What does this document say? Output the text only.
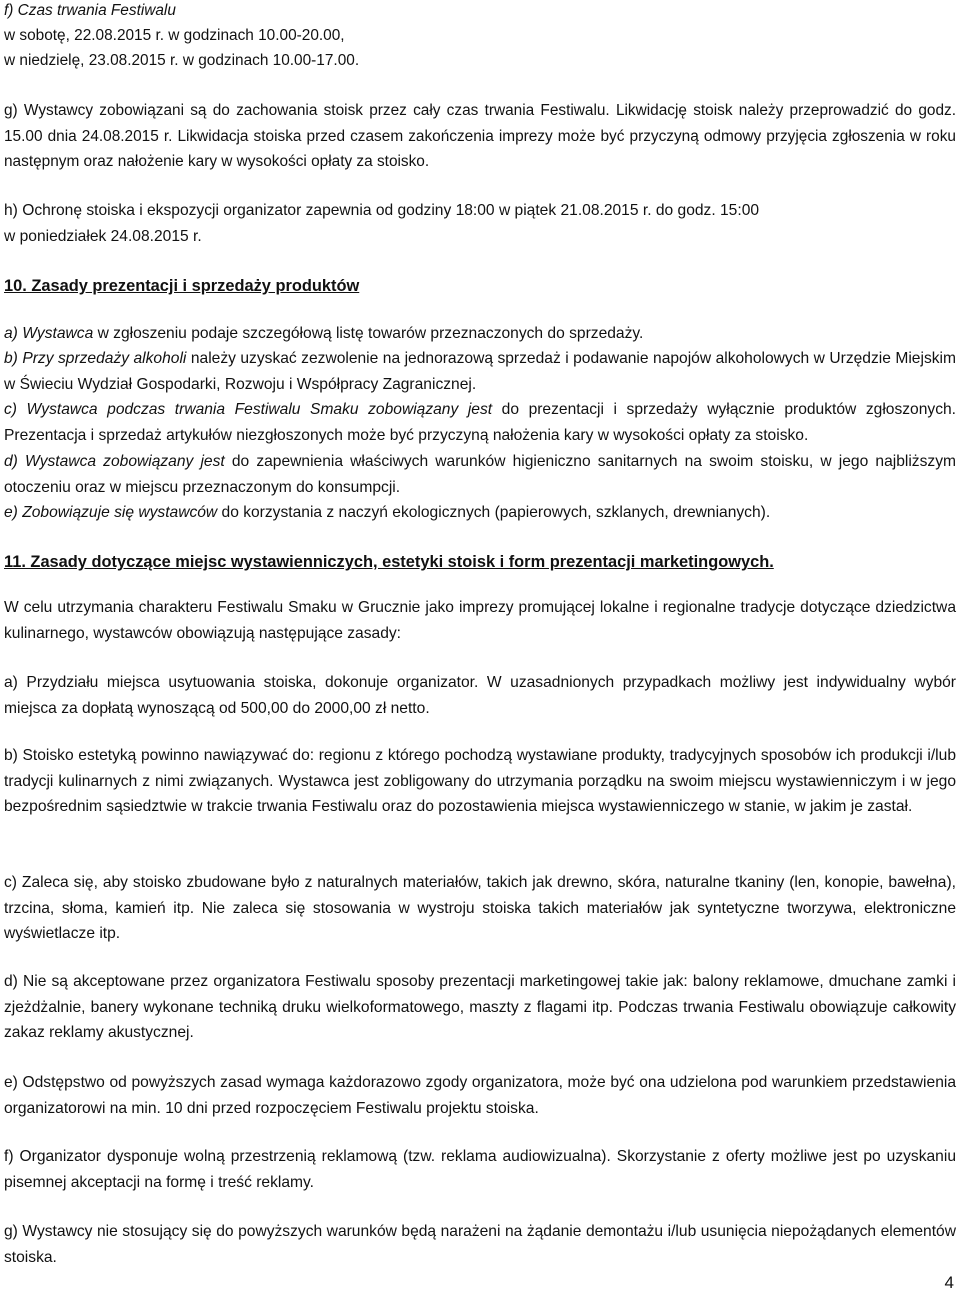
f) Czas trwania Festiwalu

w sobotę, 22.08.2015 r. w godzinach 10.00-20.00,

w niedzielę, 23.08.2015 r. w godzinach 10.00-17.00.

g) Wystawcy zobowiązani są do zachowania stoisk przez cały czas trwania Festiwalu. Likwidację stoisk należy przeprowadzić do godz. 15.00 dnia 24.08.2015 r. Likwidacja stoiska przed czasem zakończenia imprezy może być przyczyną odmowy przyjęcia zgłoszenia w roku następnym oraz nałożenie kary w wysokości opłaty za stoisko.

h) Ochronę stoiska i ekspozycji organizator zapewnia od godziny 18:00 w piątek 21.08.2015 r. do godz. 15:00

w poniedziałek 24.08.2015 r.

10. Zasady prezentacji i sprzedaży produktów

a) Wystawca w zgłoszeniu podaje szczegółową listę towarów przeznaczonych do sprzedaży.

b) Przy sprzedaży alkoholi należy uzyskać zezwolenie na jednorazową sprzedaż i podawanie napojów alkoholowych w Urzędzie Miejskim w Świeciu Wydział Gospodarki, Rozwoju i Współpracy Zagranicznej.

c) Wystawca podczas trwania Festiwalu Smaku zobowiązany jest do prezentacji i sprzedaży wyłącznie produktów zgłoszonych. Prezentacja i sprzedaż artykułów niezgłoszonych może być przyczyną nałożenia kary w wysokości opłaty za stoisko.

d) Wystawca zobowiązany jest do zapewnienia właściwych warunków higieniczno sanitarnych na swoim stoisku, w jego najbliższym otoczeniu oraz w miejscu przeznaczonym do konsumpcji.

e) Zobowiązuje się wystawców do korzystania z naczyń ekologicznych (papierowych, szklanych, drewnianych).

11. Zasady dotyczące miejsc wystawienniczych, estetyki stoisk i form prezentacji marketingowych.

W celu utrzymania charakteru Festiwalu Smaku w Grucznie jako imprezy promującej lokalne i regionalne tradycje dotyczące dziedzictwa kulinarnego, wystawców obowiązują następujące zasady:

a) Przydziału miejsca usytuowania stoiska, dokonuje organizator. W uzasadnionych przypadkach możliwy jest indywidualny wybór miejsca za dopłatą wynoszącą od 500,00 do 2000,00 zł netto.

b) Stoisko estetyką powinno nawiązywać do: regionu z którego pochodzą wystawiane produkty, tradycyjnych sposobów ich produkcji i/lub tradycji kulinarnych z nimi związanych. Wystawca jest zobligowany do utrzymania porządku na swoim miejscu wystawienniczym i w jego bezpośrednim sąsiedztwie w trakcie trwania Festiwalu oraz do pozostawienia miejsca wystawienniczego w stanie, w jakim je zastał.

c) Zaleca się, aby stoisko zbudowane było z naturalnych materiałów, takich jak drewno, skóra, naturalne tkaniny (len, konopie, bawełna), trzcina, słoma, kamień itp. Nie zaleca się stosowania w wystroju stoiska takich materiałów jak syntetyczne tworzywa, elektroniczne wyświetlacze itp.

d) Nie są akceptowane przez organizatora Festiwalu sposoby prezentacji marketingowej takie jak: balony reklamowe, dmuchane zamki i zjeżdżalnie, banery wykonane techniką druku wielkoformatowego, maszty z flagami itp. Podczas trwania Festiwalu obowiązuje całkowity zakaz reklamy akustycznej.

e) Odstępstwo od powyższych zasad wymaga każdorazowo zgody organizatora, może być ona udzielona pod warunkiem przedstawienia organizatorowi na min. 10 dni przed rozpoczęciem Festiwalu projektu stoiska.

f) Organizator dysponuje wolną przestrzenią reklamową (tzw. reklama audiowizualna). Skorzystanie z oferty możliwe jest po uzyskaniu pisemnej akceptacji na formę i treść reklamy.

g) Wystawcy nie stosujący się do powyższych warunków będą narażeni na żądanie demontażu i/lub usunięcia niepożądanych elementów stoiska.

4
